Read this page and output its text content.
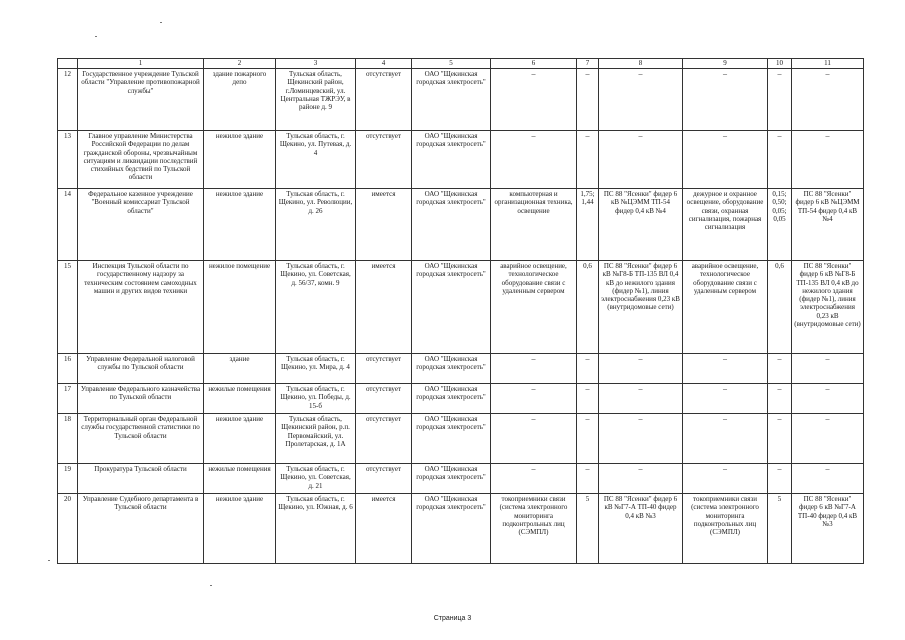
	1	2	3	4	5	6	7	8	9	10	11
12	Государственное учреждение Тульской области "Управление противопожарной службы"	здание пожарного депо	Тульская область, Щекинский район, г.Ломинцевский, ул. Центральная ТЖРЭУ, в районе д. 9	отсутствует	ОАО "Щекинская городская электросеть"	–	–	–	–	–	–
13	Главное управление Министерства Российской Федерации по делам гражданской обороны, чрезвычайным ситуациям и ликвидации последствий стихийных бедствий по Тульской области	нежилое здание	Тульская область, г. Щекино, ул. Путевая, д. 4	отсутствует	ОАО "Щекинская городская электросеть"	–	–	–	–	–	–
14	Федеральное казенное учреждение "Военный комиссариат Тульской области"	нежилое здание	Тульская область, г. Щекино, ул. Революции, д. 26	имеется	ОАО "Щекинская городская электросеть"	компьютерная и организационная техника, освещение	1,75; 1,44	ПС 88 "Ясенки" фидер 6 кВ №ЦЭММ ТП-54 фидер 0,4 кВ №4	дежурное и охранное освещение, оборудование связи, охранная сигнализация, пожарная сигнализация	0,15; 0,50; 0,05; 0,05	ПС 88 "Ясенки" фидер 6 кВ №ЦЭММ ТП-54 фидер 0,4 кВ №4
15	Инспекция Тульской области по государственному надзору за техническим состоянием самоходных машин и других видов техники	нежилое помещение	Тульская область, г. Щекино, ул. Советская, д. 56/37, комн. 9	имеется	ОАО "Щекинская городская электросеть"	аварийное освещение, технологическое оборудование связи с удаленным сервером	0,6	ПС 88 "Ясенки" фидер 6 кВ №Г8-Б ТП-135 ВЛ 0,4 кВ до нежилого здания (фидер №1), линия электроснабжения 0,23 кВ (внутридомовые сети)	аварийное освещение, технологическое оборудование связи с удаленным сервером	0,6	ПС 88 "Ясенки" фидер 6 кВ №Г8-Б ТП-135 ВЛ 0,4 кВ до нежилого здания (фидер №1), линия электроснабжения 0,23 кВ (внутридомовые сети)
16	Управление Федеральной налоговой службы по Тульской области	здание	Тульская область, г. Щекино, ул. Мира, д. 4	отсутствует	ОАО "Щекинская городская электросеть"	–	–	–	–	–	–
17	Управление Федерального казначейства по Тульской области	нежилые помещения	Тульская область, г. Щекино, ул. Победы, д. 15-б	отсутствует	ОАО "Щекинская городская электросеть"	–	–	–	–	–	–
18	Территориальный орган Федеральной службы государственной статистики по Тульской области	нежилое здание	Тульская область, Щекинский район, р.п. Первомайский, ул. Пролетарская, д. 1А	отсутствует	ОАО "Щекинская городская электросеть"	–	–	–	–	–	–
19	Прокуратура Тульской области	нежилые помещения	Тульская область, г. Щекино, ул. Советская, д. 21	отсутствует	ОАО "Щекинская городская электросеть"	–	–	–	–	–	–
20	Управление Судебного департамента в Тульской области	нежилое здание	Тульская область, г. Щекино, ул. Южная, д. 6	имеется	ОАО "Щекинская городская электросеть"	токоприемники связи (система электронного мониторинга подконтрольных лиц (СЭМПЛ)	5	ПС 88 "Ясенки" фидер 6 кВ №Г7-А ТП-40 фидер 0,4 кВ №3	токоприемники связи (система электронного мониторинга подконтрольных лиц (СЭМПЛ)	5	ПС 88 "Ясенки" фидер 6 кВ №Г7-А ТП-40 фидер 0,4 кВ №3
Страница 3
